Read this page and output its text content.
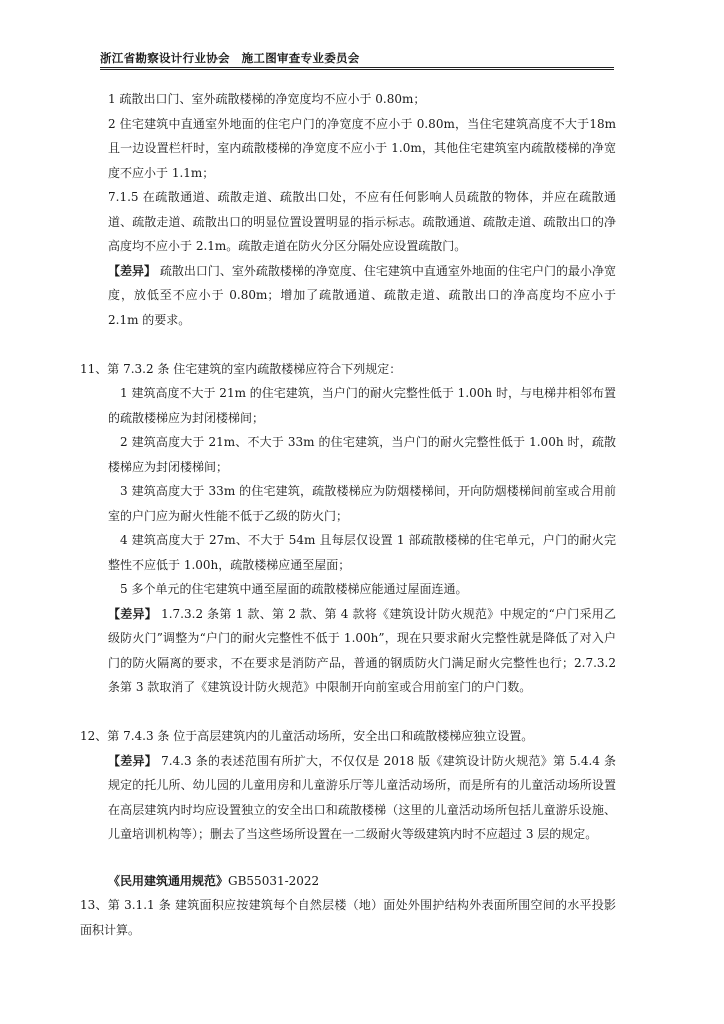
浙江省勘察设计行业协会　施工图审查专业委员会

1 疏散出口门、室外疏散楼梯的净宽度均不应小于 0.80m；

2 住宅建筑中直通室外地面的住宅户门的净宽度不应小于 0.80m，当住宅建筑高度不大于18m且一边设置栏杆时，室内疏散楼梯的净宽度不应小于 1.0m，其他住宅建筑室内疏散楼梯的净宽度不应小于 1.1m；

7.1.5 在疏散通道、疏散走道、疏散出口处，不应有任何影响人员疏散的物体，并应在疏散通道、疏散走道、疏散出口的明显位置设置明显的指示标志。疏散通道、疏散走道、疏散出口的净高度均不应小于 2.1m。疏散走道在防火分区分隔处应设置疏散门。

【差异】 疏散出口门、室外疏散楼梯的净宽度、住宅建筑中直通室外地面的住宅户门的最小净宽度，放低至不应小于 0.80m；增加了疏散通道、疏散走道、疏散出口的净高度均不应小于 2.1m 的要求。

11、第 7.3.2 条 住宅建筑的室内疏散楼梯应符合下列规定：

1 建筑高度不大于 21m 的住宅建筑，当户门的耐火完整性低于 1.00h 时，与电梯井相邻布置的疏散楼梯应为封闭楼梯间；

2 建筑高度大于 21m、不大于 33m 的住宅建筑，当户门的耐火完整性低于 1.00h 时，疏散楼梯应为封闭楼梯间；

3 建筑高度大于 33m 的住宅建筑，疏散楼梯应为防烟楼梯间，开向防烟楼梯间前室或合用前室的户门应为耐火性能不低于乙级的防火门；

4 建筑高度大于 27m、不大于 54m 且每层仅设置 1 部疏散楼梯的住宅单元，户门的耐火完整性不应低于 1.00h，疏散楼梯应通至屋面；

5 多个单元的住宅建筑中通至屋面的疏散楼梯应能通过屋面连通。

【差异】 1.7.3.2 条第 1 款、第 2 款、第 4 款将《建筑设计防火规范》中规定的“户门采用乙级防火门”调整为“户门的耐火完整性不低于 1.00h”，现在只要求耐火完整性就是降低了对入户门的防火隔离的要求，不在要求是消防产品，普通的钢质防火门满足耐火完整性也行；2.7.3.2 条第 3 款取消了《建筑设计防火规范》中限制开向前室或合用前室门的户门数。

12、第 7.4.3 条 位于高层建筑内的儿童活动场所，安全出口和疏散楼梯应独立设置。

【差异】 7.4.3 条的表述范围有所扩大，不仅仅是 2018 版《建筑设计防火规范》第 5.4.4 条规定的托儿所、幼儿园的儿童用房和儿童游乐厅等儿童活动场所，而是所有的儿童活动场所设置在高层建筑内时均应设置独立的安全出口和疏散楼梯（这里的儿童活动场所包括儿童游乐设施、儿童培训机构等）；删去了当这些场所设置在一二级耐火等级建筑内时不应超过 3 层的规定。

《民用建筑通用规范》GB55031-2022

13、第 3.1.1 条 建筑面积应按建筑每个自然层楼（地）面处外围护结构外表面所围空间的水平投影面积计算。
